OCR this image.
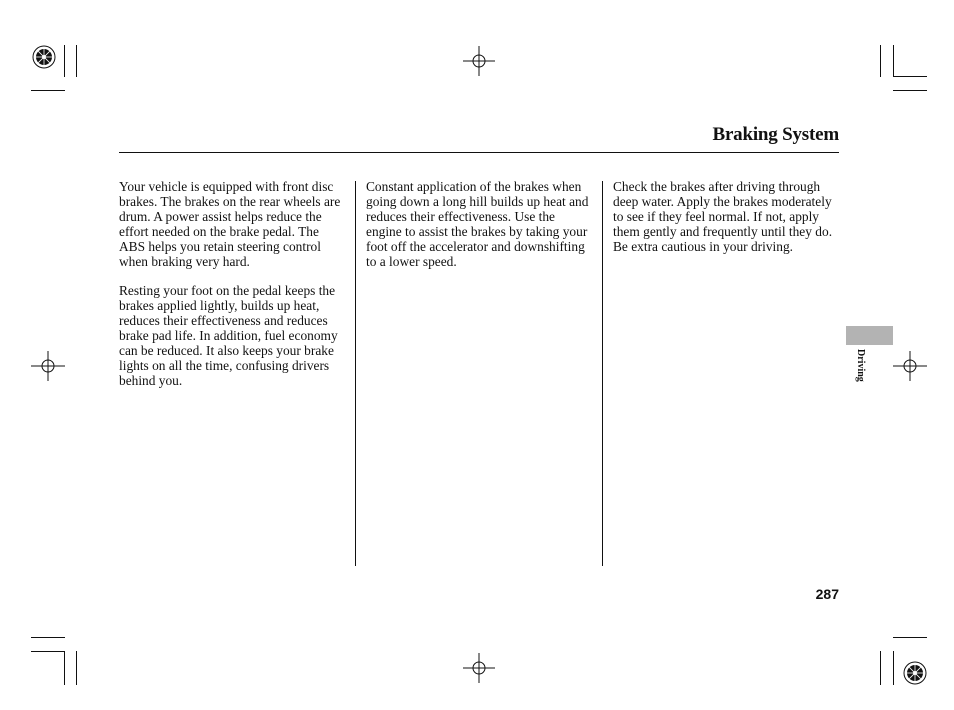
Braking System

Your vehicle is equipped with front disc brakes. The brakes on the rear wheels are drum. A power assist helps reduce the effort needed on the brake pedal. The ABS helps you retain steering control when braking very hard.

Resting your foot on the pedal keeps the brakes applied lightly, builds up heat, reduces their effectiveness and reduces brake pad life. In addition, fuel economy can be reduced. It also keeps your brake lights on all the time, confusing drivers behind you.

Constant application of the brakes when going down a long hill builds up heat and reduces their effectiveness. Use the engine to assist the brakes by taking your foot off the accelerator and downshifting to a lower speed.

Check the brakes after driving through deep water. Apply the brakes moderately to see if they feel normal. If not, apply them gently and frequently until they do. Be extra cautious in your driving.

Driving
287
